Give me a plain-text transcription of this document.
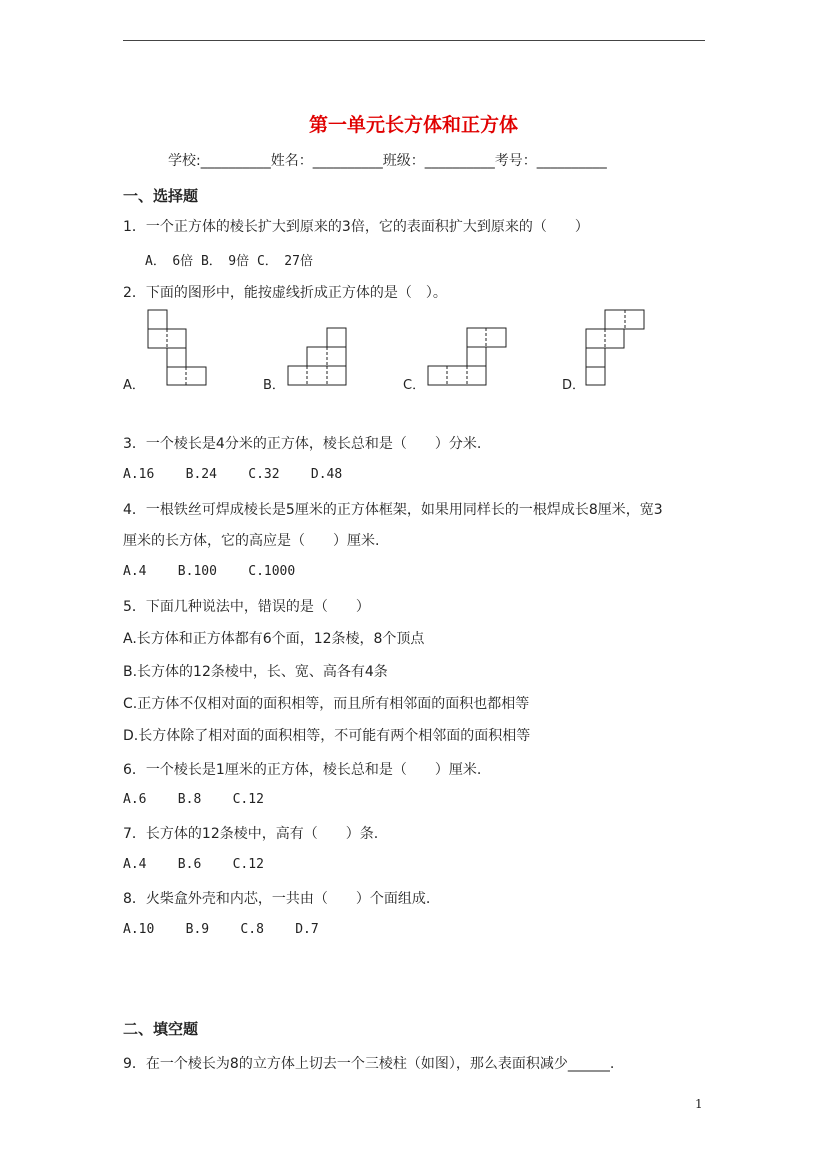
第一单元长方体和正方体
学校:__________姓名：__________班级：__________考号：__________
一、选择题
1．一个正方体的棱长扩大到原来的3倍，它的表面积扩大到原来的（　　）
A．　6倍 B．　9倍 C．　27倍
2．下面的图形中，能按虚线折成正方体的是（　）。
A．	B．	C．	D．
3．一个棱长是4分米的正方体，棱长总和是（　　）分米.
A.16 B.24 C.32 D.48
4．一根铁丝可焊成棱长是5厘米的正方体框架，如果用同样长的一根焊成长8厘米，宽3
厘米的长方体，它的高应是（　　）厘米.
A.4 B.100 C.1000
5．下面几种说法中，错误的是（　　）
A.长方体和正方体都有6个面，12条棱，8个顶点
B.长方体的12条棱中，长、宽、高各有4条
C.正方体不仅相对面的面积相等，而且所有相邻面的面积也都相等
D.长方体除了相对面的面积相等，不可能有两个相邻面的面积相等
6．一个棱长是1厘米的正方体，棱长总和是（　　）厘米.
A.6 B.8 C.12
7．长方体的12条棱中，高有（　　）条.
A.4 B.6 C.12
8．火柴盒外壳和内芯，一共由（　　）个面组成.
A.10 B.9 C.8 D.7
二、填空题
9．在一个棱长为8的立方体上切去一个三棱柱（如图），那么表面积减少______.
1
